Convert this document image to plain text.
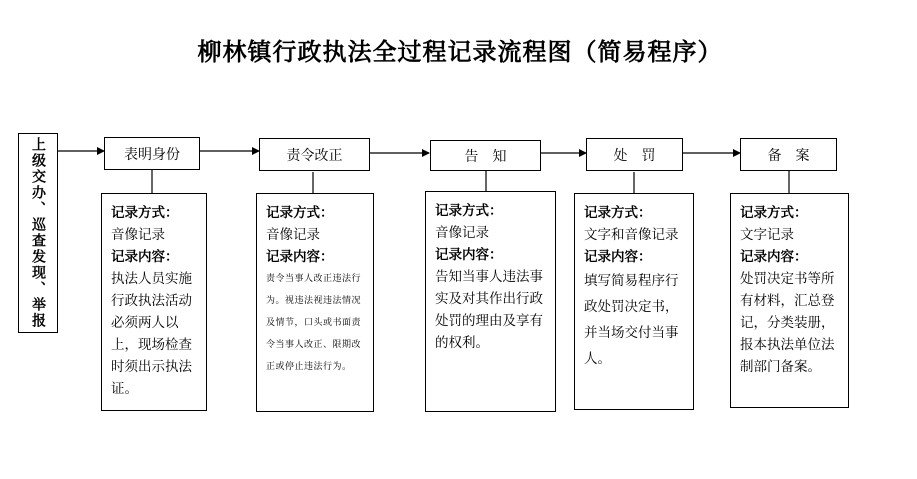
柳林镇行政执法全过程记录流程图（简易程序）
上级交办、巡查发现、举报	表明身份	责令改正	告　知	处　罚	备　案
记录方式：
音像记录
记录内容：
执法人员实施行政执法活动必须两人以上，现场检查时须出示执法证。
记录方式：
音像记录
记录内容：
责令当事人改正违法行为。视违法视违法情况及情节，口头或书面责令当事人改正、限期改正或停止违法行为。
记录方式：
音像记录
记录内容：
告知当事人违法事实及对其作出行政处罚的理由及享有的权利。
记录方式：
文字和音像记录
记录内容：
填写简易程序行政处罚决定书，并当场交付当事人。
记录方式：
文字记录
记录内容：
处罚决定书等所有材料，汇总登记，分类装册，报本执法单位法制部门备案。
